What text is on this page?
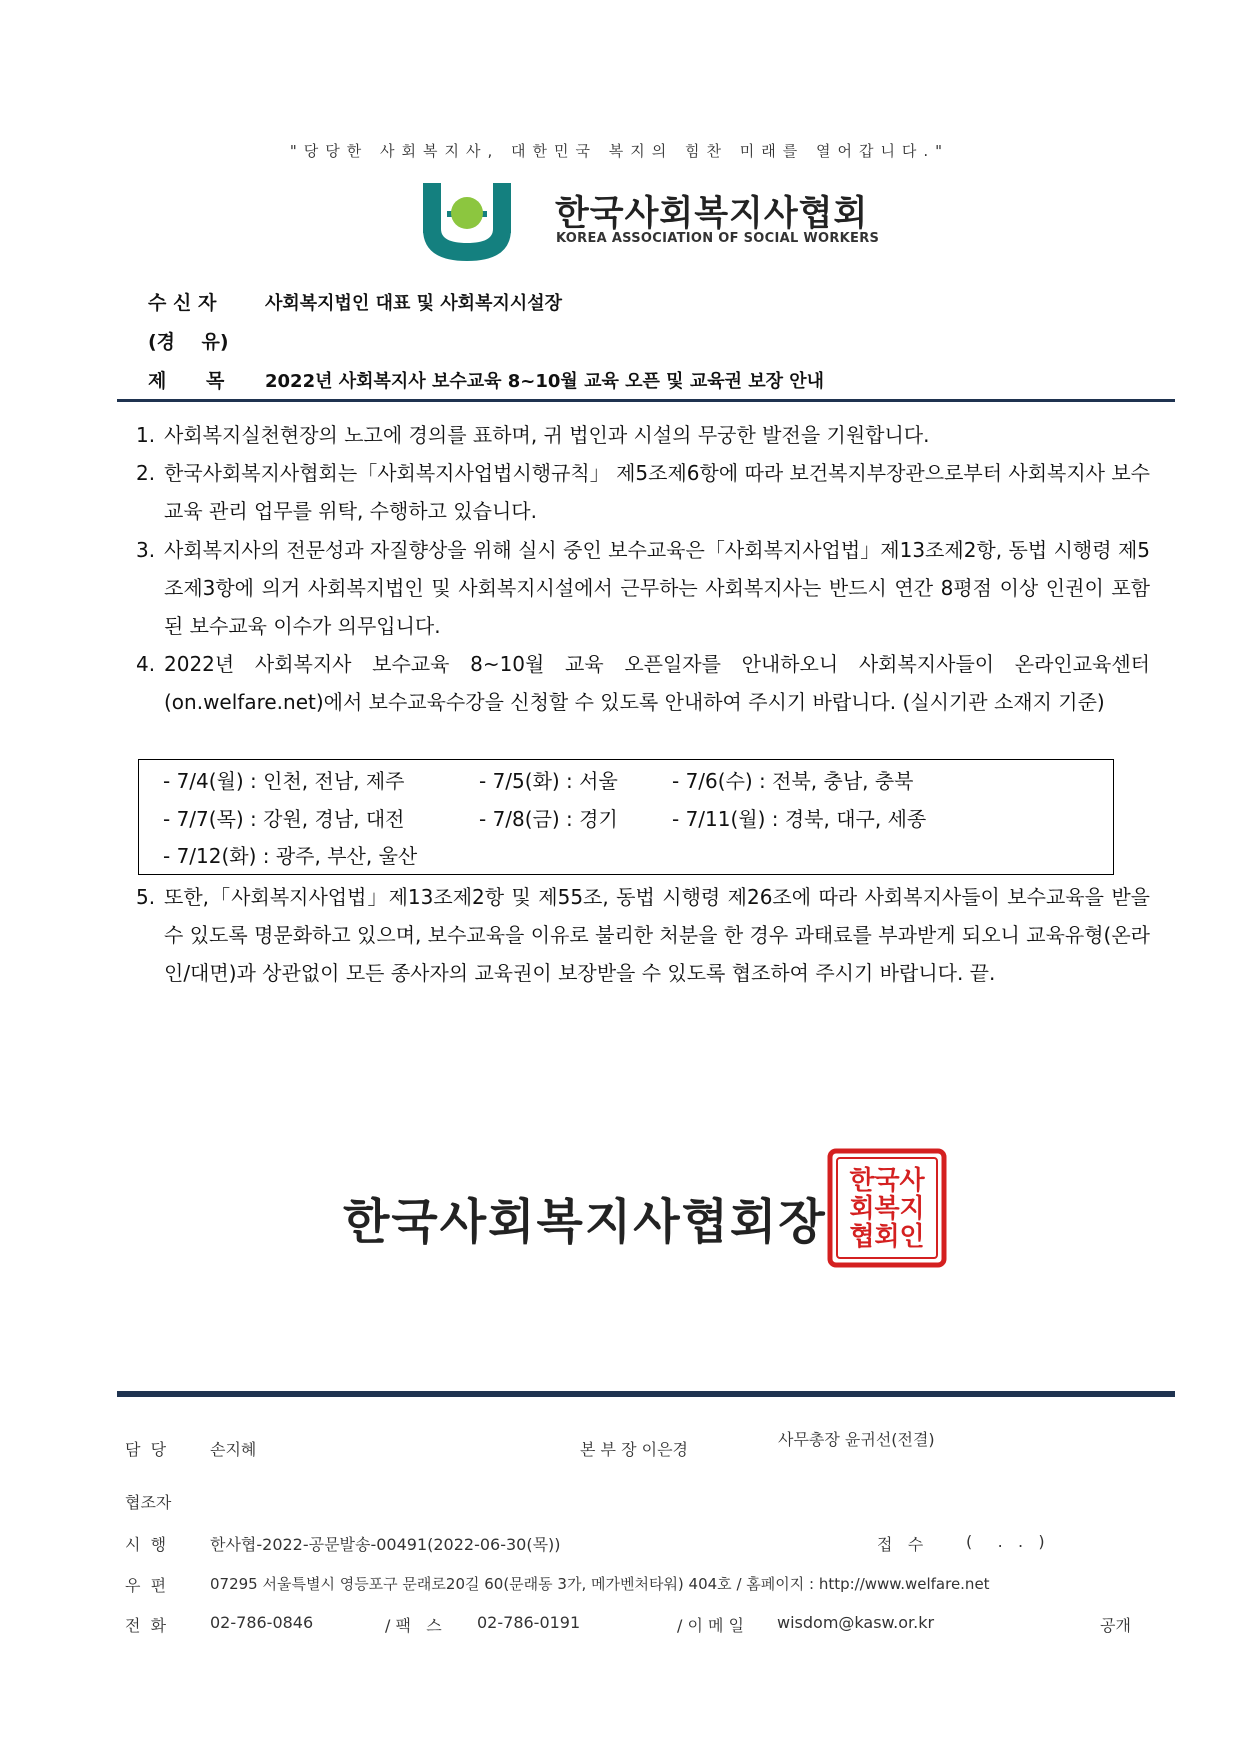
"당당한 사회복지사, 대한민국 복지의 힘찬 미래를 열어갑니다."
한국사회복지사협회
KOREA ASSOCIATION OF SOCIAL WORKERS
수 신 자	사회복지법인 대표 및 사회복지시설장
(경    유)
제      목 2022년 사회복지사 보수교육 8~10월 교육 오픈 및 교육권 보장 안내
1. 사회복지실천현장의 노고에 경의를 표하며, 귀 법인과 시설의 무궁한 발전을 기원합니다.
2. 한국사회복지사협회는「사회복지사업법시행규칙」 제5조제6항에 따라 보건복지부장관으로부터 사회복지사 보수교육 관리 업무를 위탁, 수행하고 있습니다.
3. 사회복지사의 전문성과 자질향상을 위해 실시 중인 보수교육은「사회복지사업법」제13조제2항, 동법 시행령 제5조제3항에 의거 사회복지법인 및 사회복지시설에서 근무하는 사회복지사는 반드시 연간 8평점 이상 인권이 포함된 보수교육 이수가 의무입니다.
4. 2022년 사회복지사 보수교육 8~10월 교육 오픈일자를 안내하오니 사회복지사들이 온라인교육센터(on.welfare.net)에서 보수교육수강을 신청할 수 있도록 안내하여 주시기 바랍니다. (실시기관 소재지 기준)
- 7/4(월) : 인천, 전남, 제주	- 7/5(화) : 서울	- 7/6(수) : 전북, 충남, 충북
- 7/7(목) : 강원, 경남, 대전	- 7/8(금) : 경기	- 7/11(월) : 경북, 대구, 세종
- 7/12(화) : 광주, 부산, 울산
5. 또한,「사회복지사업법」제13조제2항 및 제55조, 동법 시행령 제26조에 따라 사회복지사들이 보수교육을 받을 수 있도록 명문화하고 있으며, 보수교육을 이유로 불리한 처분을 한 경우 과태료를 부과받게 되오니 교육유형(온라인/대면)과 상관없이 모든 종사자의 교육권이 보장받을 수 있도록 협조하여 주시기 바랍니다. 끝.
한국사회복지사협회장
한 국 사
회 복 지
협 회 인
담  당	손지혜	본 부 장 이은경
사무총장 윤귀선(전결)
협조자
시  행	한사협-2022-공문발송-00491(2022-06-30(목))	접   수	(     .   .   )
우  편	07295 서울특별시 영등포구 문래로20길 60(문래동 3가, 메가벤처타워) 404호 / 홈페이지 : http://www.welfare.net
전  화	02-786-0846	/ 팩   스 02-786-0191	/ 이 메 일 wisdom@kasw.or.kr	공개
